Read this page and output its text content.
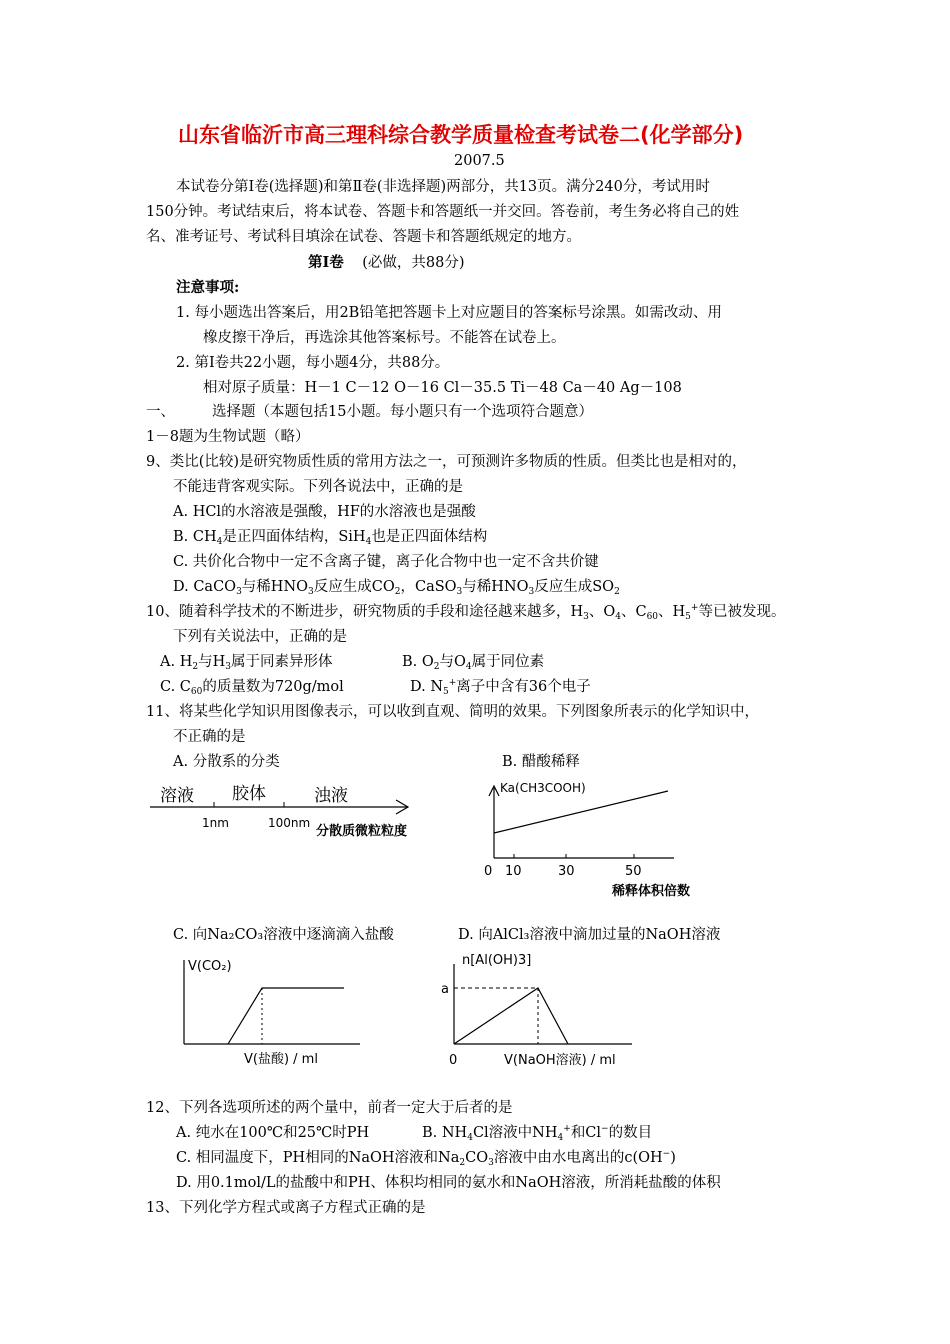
山东省临沂市高三理科综合教学质量检查考试卷二(化学部分)
2007.5
本试卷分第Ⅰ卷(选择题)和第Ⅱ卷(非选择题)两部分，共13页。满分240分，考试用时
150分钟。考试结束后，将本试卷、答题卡和答题纸一并交回。答卷前，考生务必将自己的姓
名、准考证号、考试科目填涂在试卷、答题卡和答题纸规定的地方。
第Ⅰ卷 (必做，共88分)
注意事项:
1. 每小题选出答案后，用2B铅笔把答题卡上对应题目的答案标号涂黑。如需改动、用
橡皮擦干净后，再选涂其他答案标号。不能答在试卷上。
2. 第Ⅰ卷共22小题，每小题4分，共88分。
相对原子质量：H－1 C－12 O－16 Cl－35.5 Ti－48 Ca－40 Ag－108
一、	选择题（本题包括15小题。每小题只有一个选项符合题意）
1－8题为生物试题（略）
9、类比(比较)是研究物质性质的常用方法之一，可预测许多物质的性质。但类比也是相对的，
不能违背客观实际。下列各说法中，正确的是
A. HCl的水溶液是强酸，HF的水溶液也是强酸
B. $CH_4$是正四面体结构，SiH$_4$也是正四面体结构
C. 共价化合物中一定不含离子键，离子化合物中也一定不含共价键
D. CaCO$_3$与稀$HNO_3$反应生成$CO_2$，CaSO$_3$与稀$HNO_3$反应生成$SO_2$
10、随着科学技术的不断进步，研究物质的手段和途径越来越多，$H_3$、$O_4$、$C_{60}$、$H_5^+$等已被发现。
下列有关说法中，正确的是
A. $H_2$与$H_3$属于同素异形体	B. $O_2$与$O_4$属于同位素
C. $C_{60}$的质量数为720g/mol	D. $N_5^+$离子中含有36个电子
11、将某些化学知识用图像表示，可以收到直观、简明的效果。下列图象所表示的化学知识中，
不正确的是
A. 分散系的分类	B. 醋酸稀释
溶液 胶体	浊液
1nm	100nm
分散质微粒粒度
Ka(CH3COOH)
0 10	30	50
稀释体积倍数
C. 向Na₂CO₃溶液中逐滴滴入盐酸	D. 向AlCl₃溶液中滴加过量的NaOH溶液
V(CO₂)
V(盐酸) / ml
n[Al(OH)3]
a
0	V(NaOH溶液) / ml
12、下列各选项所述的两个量中，前者一定大于后者的是
A. 纯水在100℃和25℃时PH	B. $NH_4Cl$溶液中$NH_4^+$和Cl−的数目
C. 相同温度下，PH相同的NaOH溶液和$Na_2CO_3$溶液中由水电离出的c(OH−)
D. 用0.1mol/L的盐酸中和PH、体积均相同的氨水和NaOH溶液，所消耗盐酸的体积
13、下列化学方程式或离子方程式正确的是
